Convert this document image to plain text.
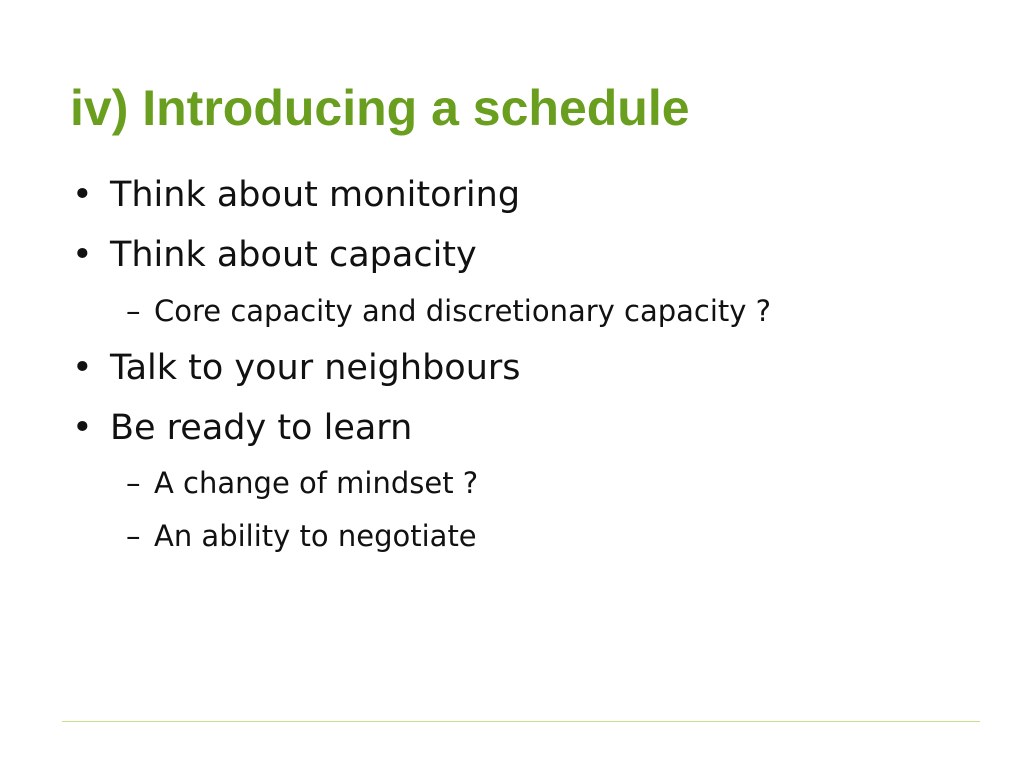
iv) Introducing a schedule
• Think about monitoring
• Think about capacity
– Core capacity and discretionary capacity ?
• Talk to your neighbours
• Be ready to learn
– A change of mindset ?
– An ability to negotiate
